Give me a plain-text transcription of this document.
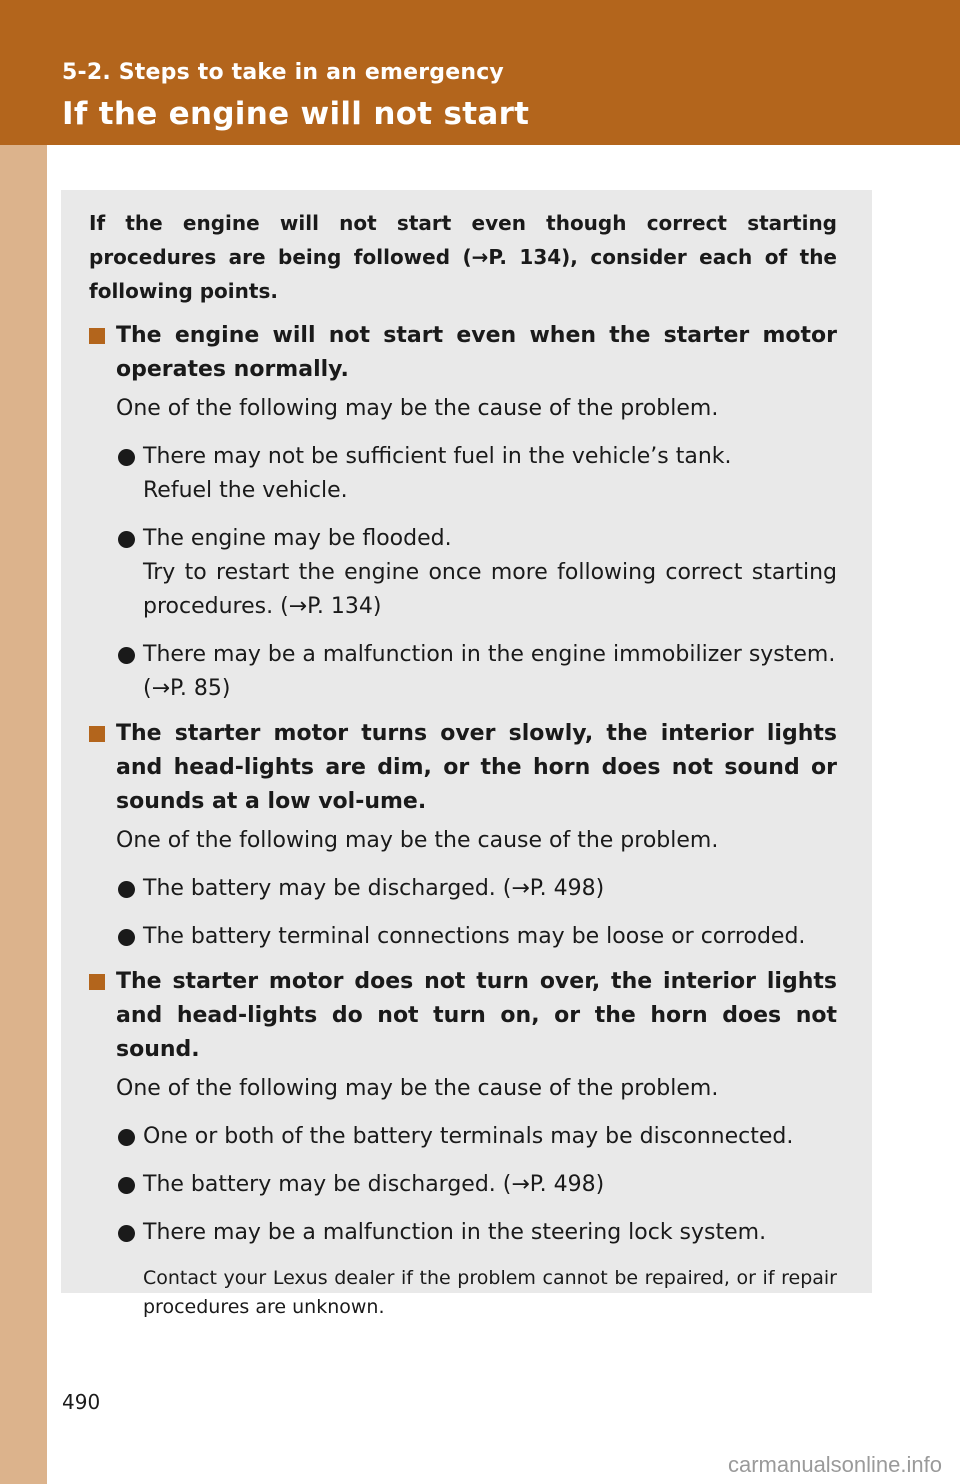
5-2. Steps to take in an emergency
If the engine will not start

If the engine will not start even though correct starting procedures are being followed (→P. 134), consider each of the following points.

The engine will not start even when the starter motor operates normally.
One of the following may be the cause of the problem.
There may not be sufficient fuel in the vehicle’s tank.
Refuel the vehicle.
The engine may be flooded.
Try to restart the engine once more following correct starting procedures. (→P. 134)
There may be a malfunction in the engine immobilizer system.
(→P. 85)
The starter motor turns over slowly, the interior lights and head-lights are dim, or the horn does not sound or sounds at a low vol-ume.
One of the following may be the cause of the problem.
The battery may be discharged. (→P. 498)
The battery terminal connections may be loose or corroded.
The starter motor does not turn over, the interior lights and head-lights do not turn on, or the horn does not sound.
One of the following may be the cause of the problem.
One or both of the battery terminals may be disconnected.
The battery may be discharged. (→P. 498)
There may be a malfunction in the steering lock system.
Contact your Lexus dealer if the problem cannot be repaired, or if repair procedures are unknown.
490
carmanualsonline.info
